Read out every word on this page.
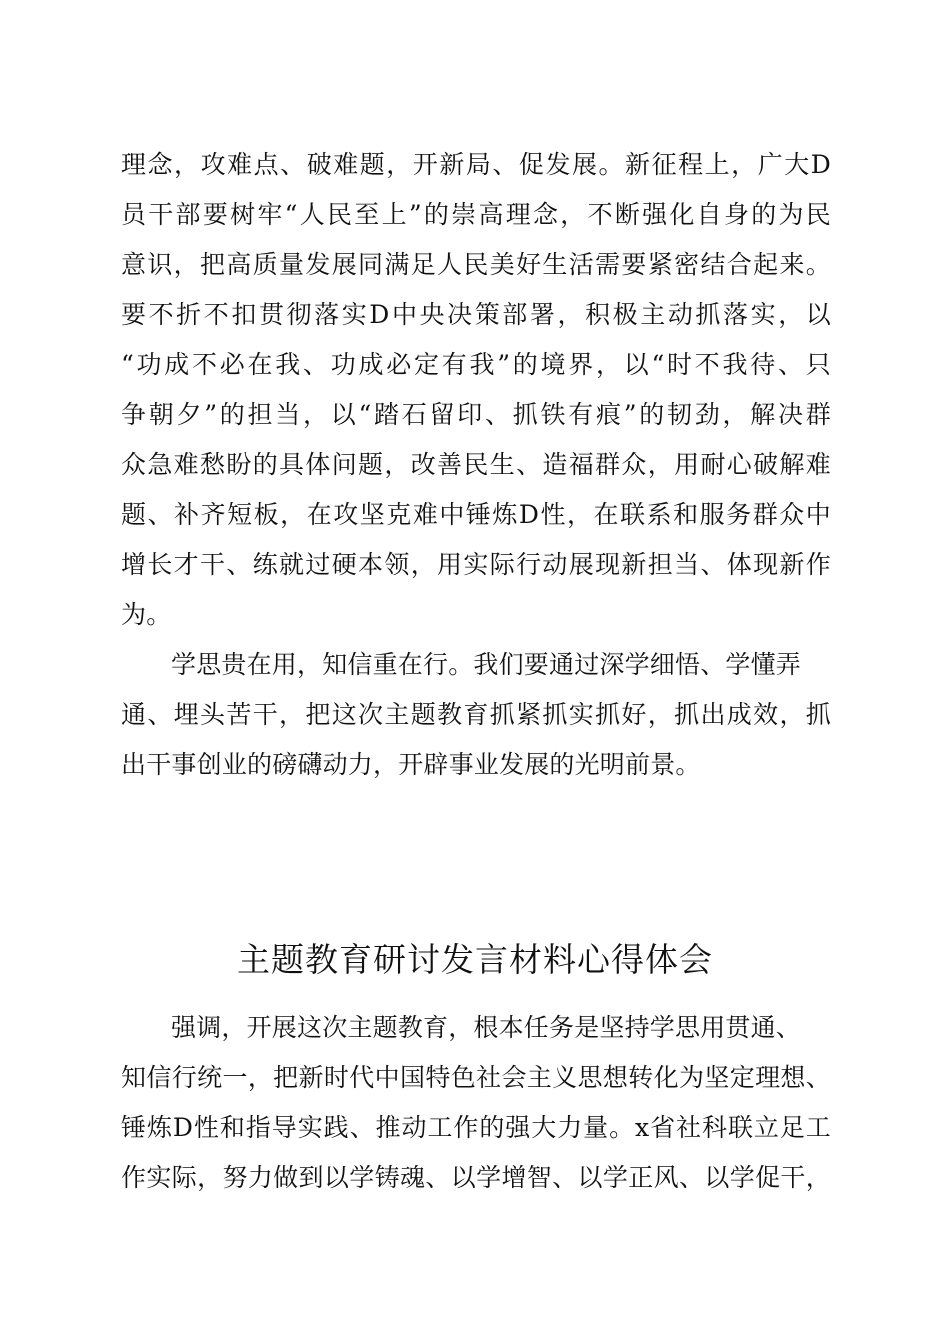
理念，攻难点、破难题，开新局、促发展。新征程上，广大D
员干部要树牢“人民至上”的崇高理念，不断强化自身的为民
意识，把高质量发展同满足人民美好生活需要紧密结合起来。
要不折不扣贯彻落实D中央决策部署，积极主动抓落实，以
“功成不必在我、功成必定有我”的境界，以“时不我待、只
争朝夕”的担当，以“踏石留印、抓铁有痕”的韧劲，解决群
众急难愁盼的具体问题，改善民生、造福群众，用耐心破解难
题、补齐短板，在攻坚克难中锤炼D性，在联系和服务群众中
增长才干、练就过硬本领，用实际行动展现新担当、体现新作
为。
学思贵在用，知信重在行。我们要通过深学细悟、学懂弄
通、埋头苦干，把这次主题教育抓紧抓实抓好，抓出成效，抓
出干事创业的磅礴动力，开辟事业发展的光明前景。
主题教育研讨发言材料心得体会
强调，开展这次主题教育，根本任务是坚持学思用贯通、
知信行统一，把新时代中国特色社会主义思想转化为坚定理想、
锤炼D性和指导实践、推动工作的强大力量。x省社科联立足工
作实际，努力做到以学铸魂、以学增智、以学正风、以学促干，
